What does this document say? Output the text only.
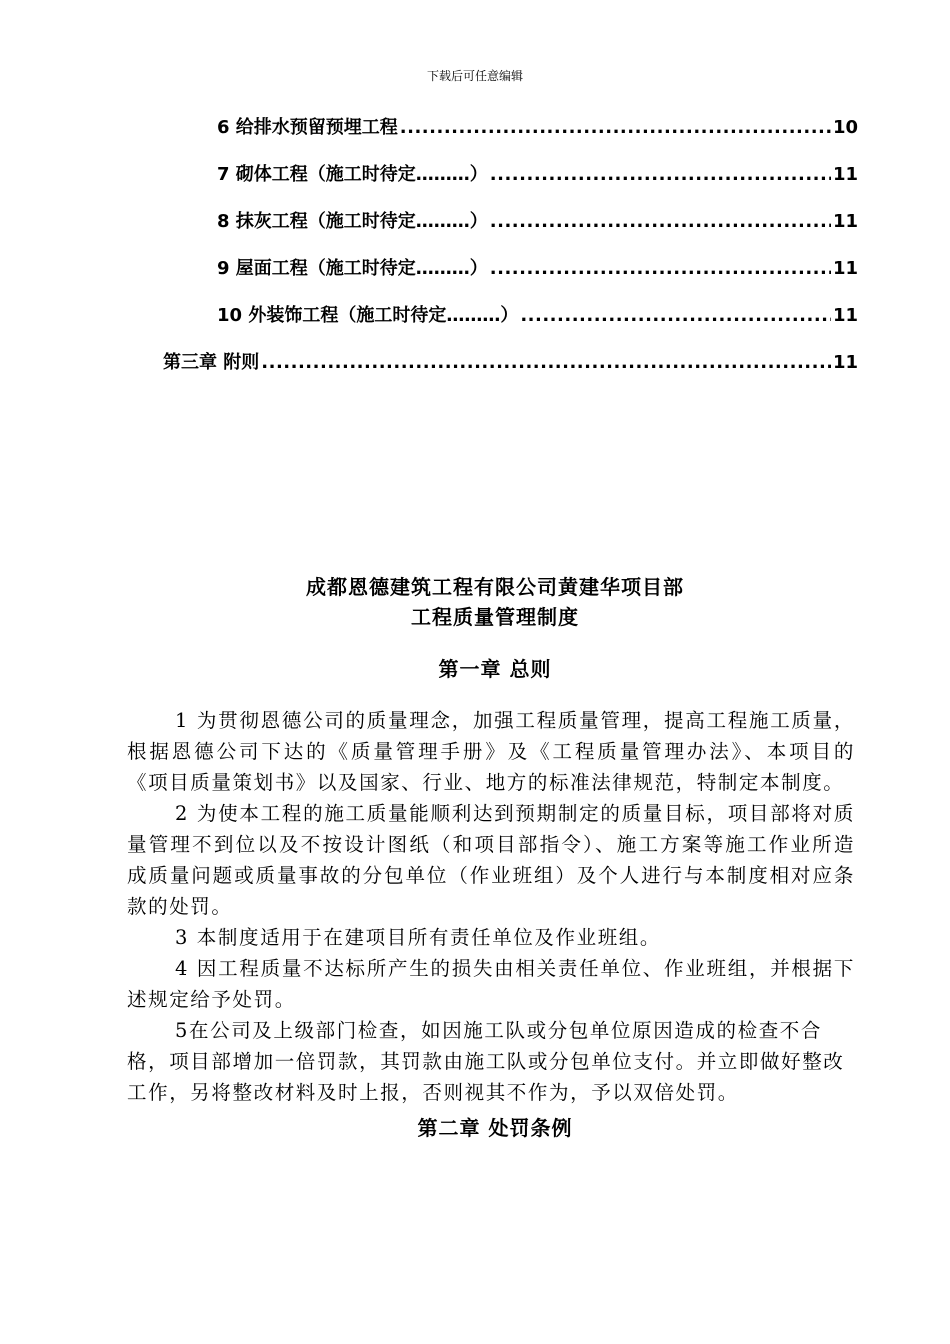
下载后可任意编辑
6 给排水预留预埋工程 .....	10
7 砌体工程（施工时待定………） .....	11
8 抹灰工程（施工时待定………） .....	11
9 屋面工程（施工时待定………） .....	11
10 外装饰工程（施工时待定………） .....	11
第三章 附则 .....	11
成都恩德建筑工程有限公司黄建华项目部
工程质量管理制度
第一章 总则

1 为贯彻恩德公司的质量理念，加强工程质量管理，提高工程施工质量，根据恩德公司下达的《质量管理手册》及《工程质量管理办法》、本项目的《项目质量策划书》以及国家、行业、地方的标准法律规范，特制定本制度。

2 为使本工程的施工质量能顺利达到预期制定的质量目标，项目部将对质量管理不到位以及不按设计图纸（和项目部指令）、施工方案等施工作业所造成质量问题或质量事故的分包单位（作业班组）及个人进行与本制度相对应条款的处罚。

3 本制度适用于在建项目所有责任单位及作业班组。

4 因工程质量不达标所产生的损失由相关责任单位、作业班组，并根据下述规定给予处罚。

5在公司及上级部门检查，如因施工队或分包单位原因造成的检查不合格，项目部增加一倍罚款，其罚款由施工队或分包单位支付。并立即做好整改工作，另将整改材料及时上报，否则视其不作为，予以双倍处罚。

第二章 处罚条例
